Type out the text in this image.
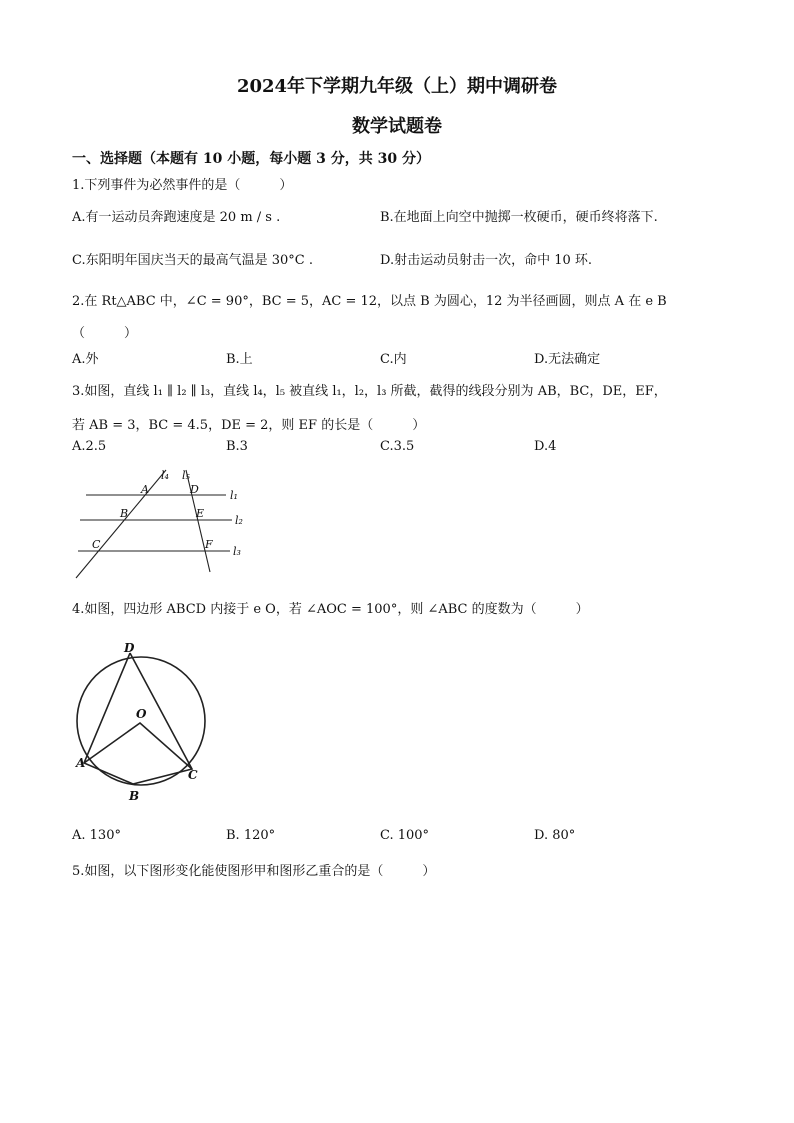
2024年下学期九年级（上）期中调研卷
数学试题卷
一、选择题（本题有 10 小题，每小题 3 分，共 30 分）
1.下列事件为必然事件的是（　　　）
A.有一运动员奔跑速度是 20 m / s .	B.在地面上向空中抛掷一枚硬币，硬币终将落下.
C.东阳明年国庆当天的最高气温是 30°C .	D.射击运动员射击一次，命中 10 环.
2.在 Rt△ABC 中，∠C = 90°，BC = 5，AC = 12，以点 B 为圆心，12 为半径画圆，则点 A 在 e B
（　　　）
A.外	B.上	C.内	D.无法确定
3.如图，直线 l₁ ∥ l₂ ∥ l₃，直线 l₄，l₅ 被直线 l₁，l₂，l₃ 所截，截得的线段分别为 AB，BC，DE，EF，
若 AB = 3，BC = 4.5，DE = 2，则 EF 的长是（　　　）
A.2.5	B.3	C.3.5	D.4
l₄ l₅
A	D	l₁
B	E
l₂
C	F
l₃
4.如图，四边形 ABCD 内接于 e O，若 ∠AOC = 100°，则 ∠ABC 的度数为（　　　）
D
O
A
C
B
A. 130°	B. 120°	C. 100°	D. 80°
5.如图，以下图形变化能使图形甲和图形乙重合的是（　　　）
